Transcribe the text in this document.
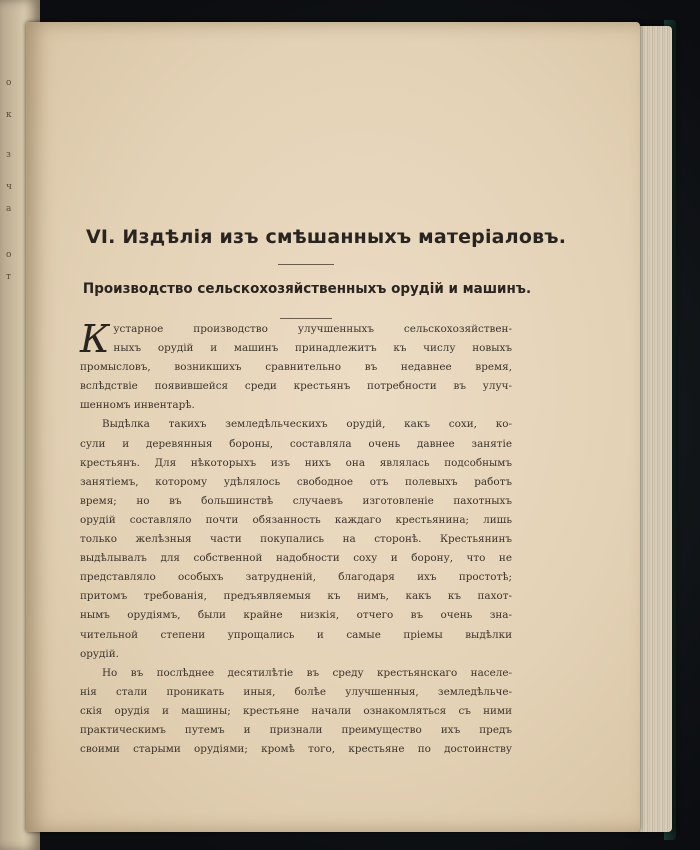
о
к
з
ч
а
о
т
VI. Издѣлія изъ смѣшанныхъ матеріаловъ.
Производство сельскохозяйственныхъ орудій и машинъ.
К устарное производство улучшенныхъ сельскохозяйствен-
ныхъ орудій и машинъ принадлежитъ къ числу новыхъ
промысловъ, возникшихъ сравнительно въ недавнее время,
вслѣдствіе появившейся среди крестьянъ потребности въ улуч-
шенномъ инвентарѣ.
Выдѣлка такихъ земледѣльческихъ орудій, какъ сохи, ко-
сули и деревянныя бороны, составляла очень давнее занятіе
крестьянъ. Для нѣкоторыхъ изъ нихъ она являлась подсобнымъ
занятіемъ, которому удѣлялось свободное отъ полевыхъ работъ
время; но въ большинствѣ случаевъ изготовленіе пахотныхъ
орудій составляло почти обязанность каждаго крестьянина; лишь
только желѣзныя части покупались на сторонѣ. Крестьянинъ
выдѣлывалъ для собственной надобности соху и борону, что не
представляло особыхъ затрудненій, благодаря ихъ простотѣ;
притомъ требованія, предъявляемыя къ нимъ, какъ къ пахот-
нымъ орудіямъ, были крайне низкія, отчего въ очень зна-
чительной степени упрощались и самые пріемы выдѣлки
орудій.
Но въ послѣднее десятилѣтіе въ среду крестьянскаго населе-
нія стали проникать иныя, болѣе улучшенныя, земледѣльче-
скія орудія и машины; крестьяне начали ознакомляться съ ними
практическимъ путемъ и признали преимущество ихъ предъ
своими старыми орудіями; кромѣ того, крестьяне по достоинству
